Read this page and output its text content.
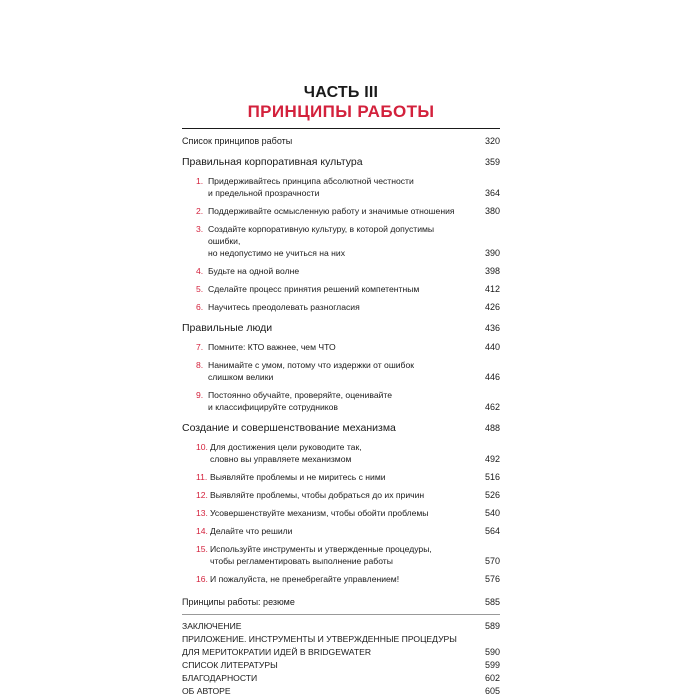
ЧАСТЬ III
ПРИНЦИПЫ РАБОТЫ
Список принципов работы	320
Правильная корпоративная культура	359
1. Придерживайтесь принципа абсолютной честности
и предельной прозрачности	364
2. Поддерживайте осмысленную работу и значимые отношения	380
3. Создайте корпоративную культуру, в которой допустимы ошибки,
но недопустимо не учиться на них	390
4. Будьте на одной волне	398
5. Сделайте процесс принятия решений компетентным	412
6. Научитесь преодолевать разногласия	426
Правильные люди	436
7. Помните: КТО важнее, чем ЧТО	440
8. Нанимайте с умом, потому что издержки от ошибок
слишком велики	446
9. Постоянно обучайте, проверяйте, оценивайте
и классифицируйте сотрудников	462
Создание и совершенствование механизма	488
10. Для достижения цели руководите так,
словно вы управляете механизмом	492
11. Выявляйте проблемы и не миритесь с ними	516
12. Выявляйте проблемы, чтобы добраться до их причин	526
13. Усовершенствуйте механизм, чтобы обойти проблемы	540
14. Делайте что решили	564
15. Используйте инструменты и утвержденные процедуры,
чтобы регламентировать выполнение работы	570
16. И пожалуйста, не пренебрегайте управлением!	576
Принципы работы: резюме	585
ЗАКЛЮЧЕНИЕ	589
ПРИЛОЖЕНИЕ. ИНСТРУМЕНТЫ И УТВЕРЖДЕННЫЕ ПРОЦЕДУРЫ
ДЛЯ МЕРИТОКРАТИИ ИДЕЙ В BRIDGEWATER	590
СПИСОК ЛИТЕРАТУРЫ	599
БЛАГОДАРНОСТИ	602
ОБ АВТОРЕ	605
